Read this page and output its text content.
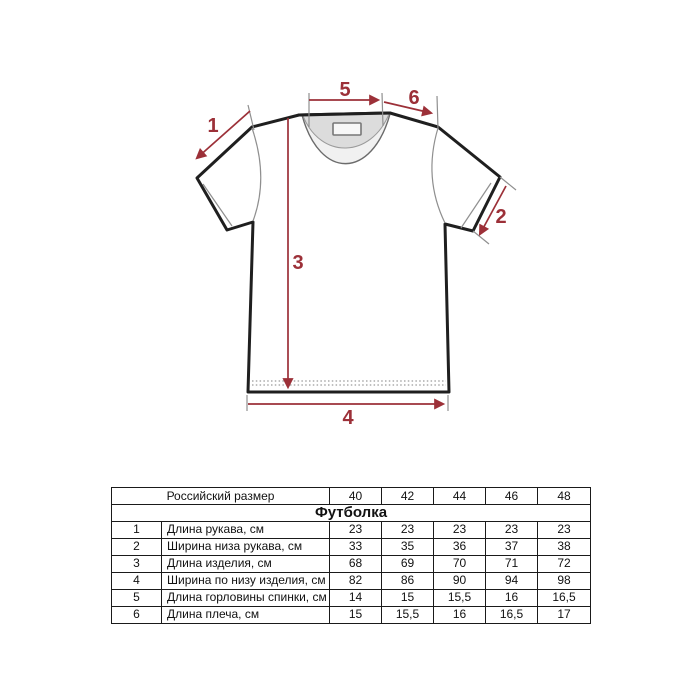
1
2
3
4
5	6
Российский размер		40	42	44	46	48
Футболка						
1	Длина рукава, см	23	23	23	23	23
2	Ширина низа рукава, см	33	35	36	37	38
3	Длина изделия, см	68	69	70	71	72
4	Ширина по низу изделия, см	82	86	90	94	98
5	Длина горловины спинки, см	14	15	15,5	16	16,5
6	Длина плеча, см	15	15,5	16	16,5	17
